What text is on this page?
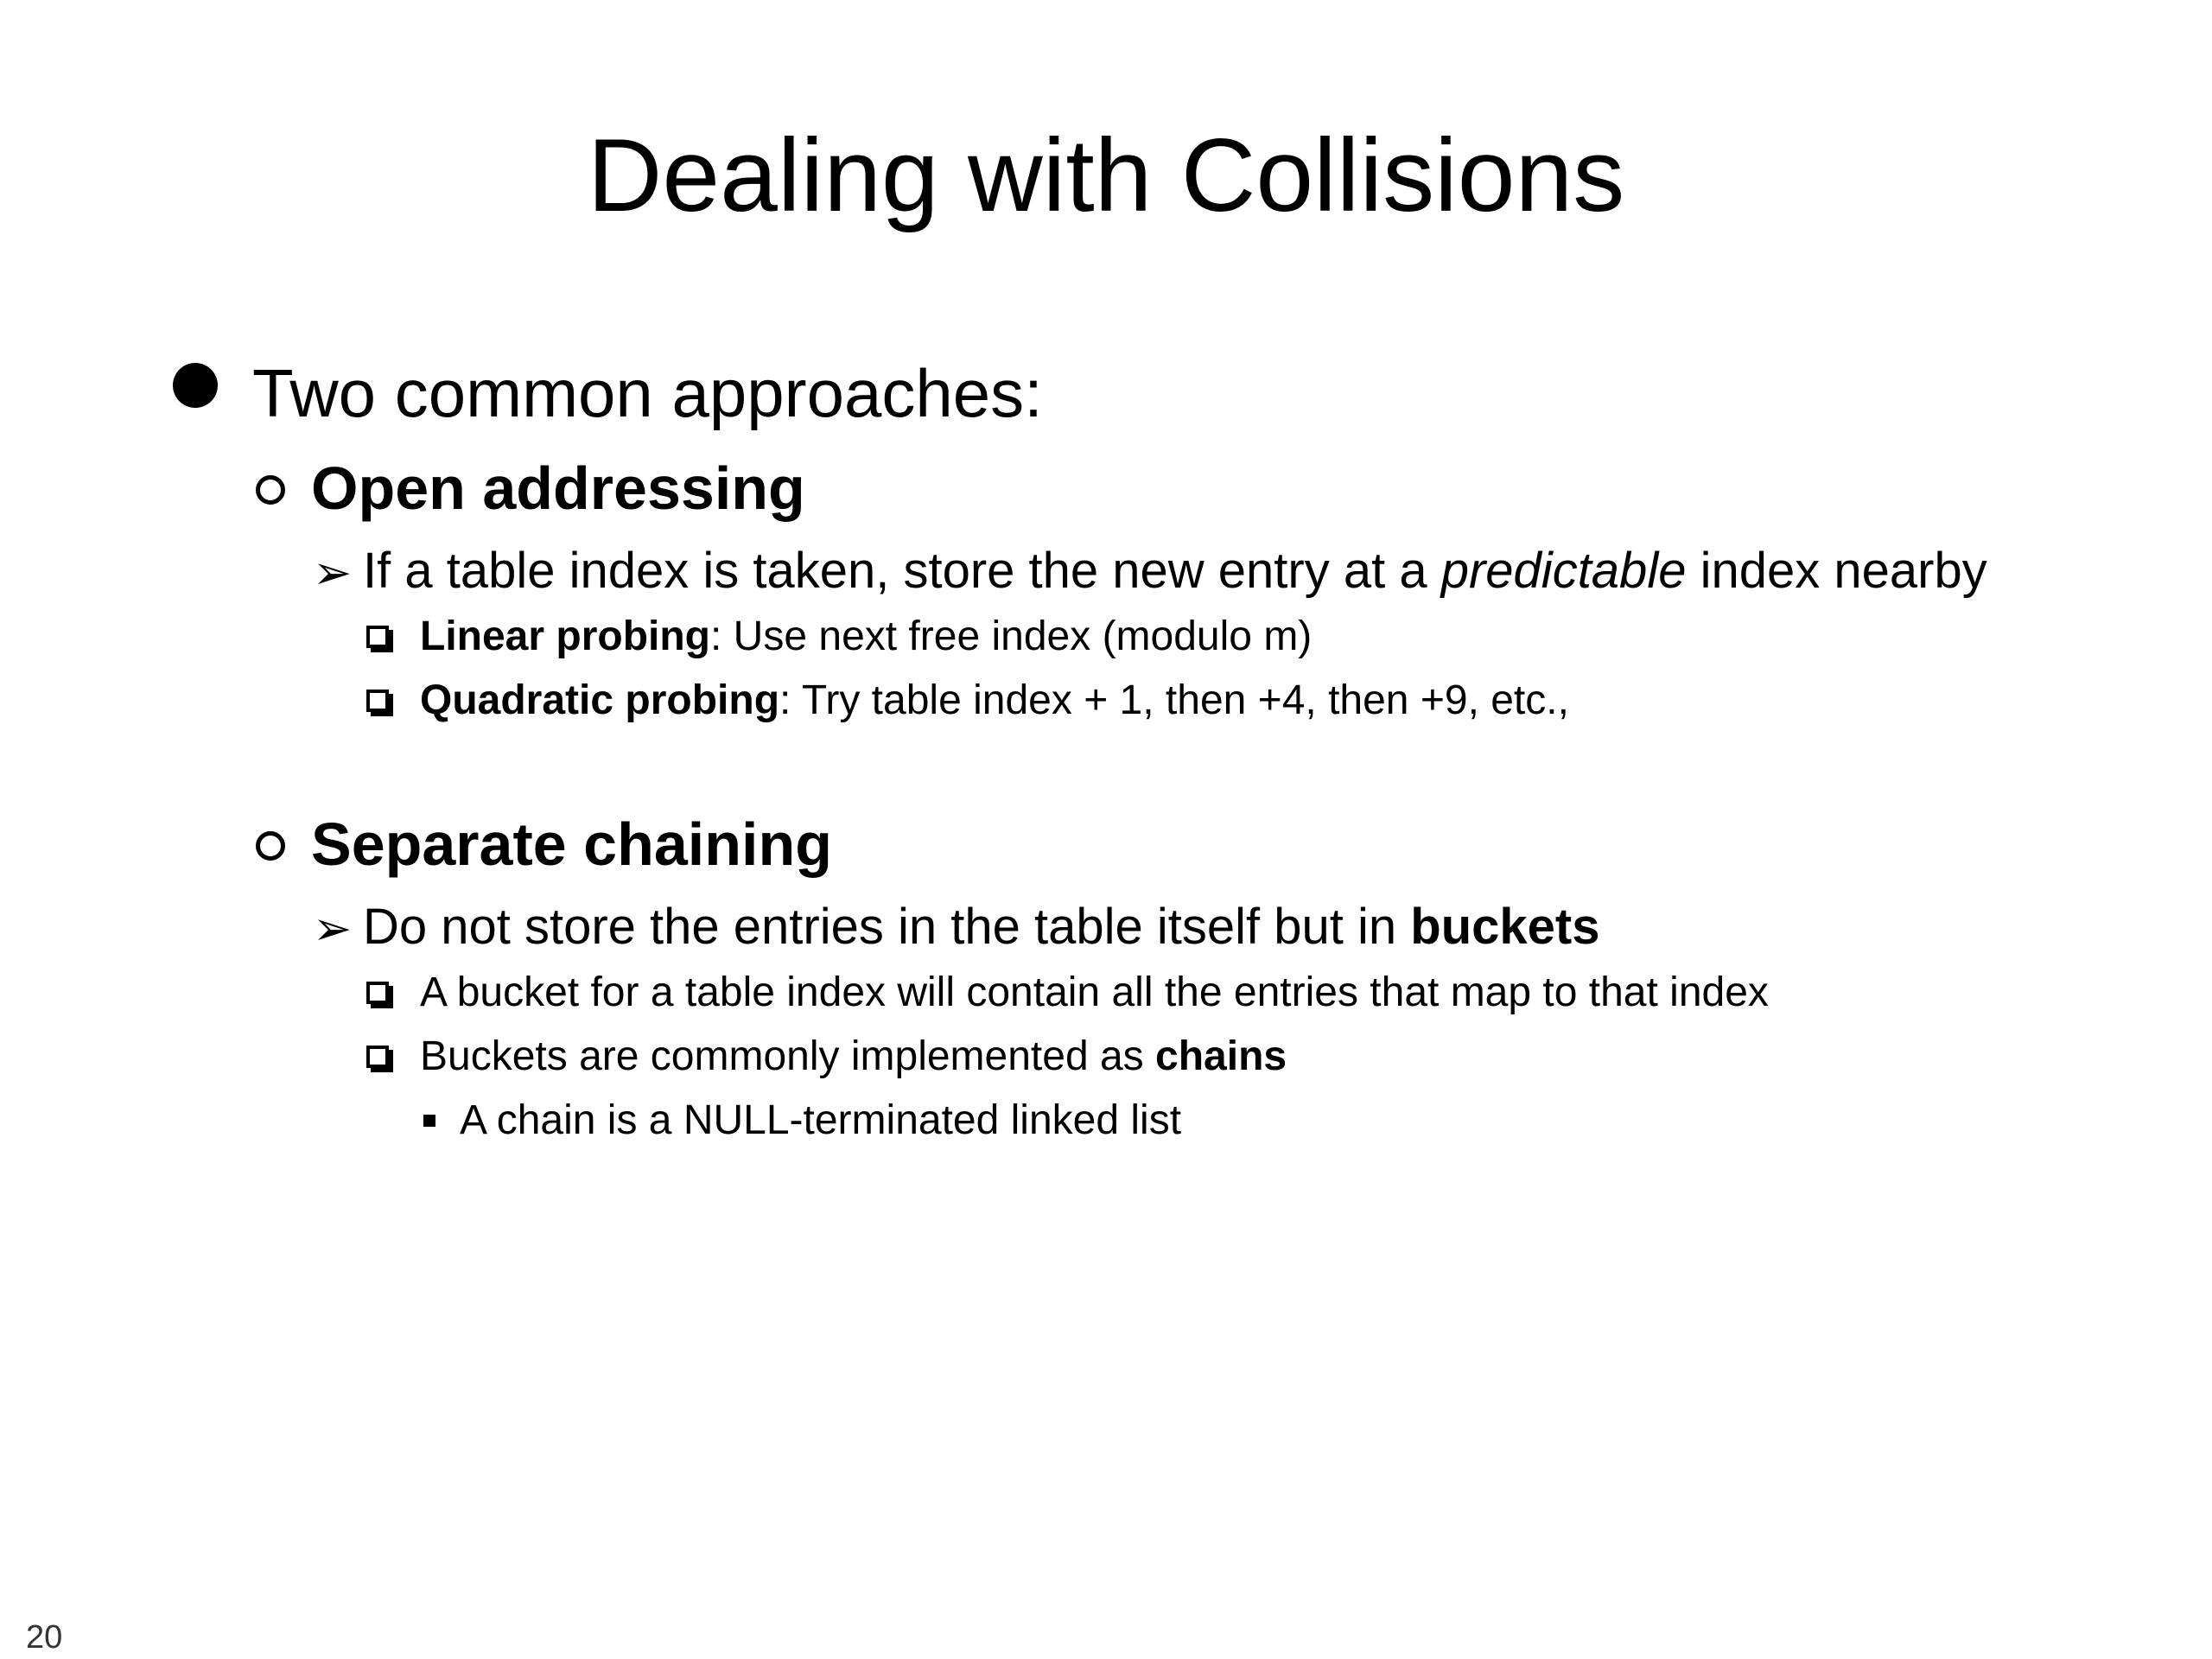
Dealing with Collisions
Two common approaches:
Open addressing
➢ If a table index is taken, store the new entry at a predictable index nearby
Linear probing: Use next free index (modulo m)
Quadratic probing: Try table index + 1, then +4, then +9, etc.,
Separate chaining
➢ Do not store the entries in the table itself but in buckets
A bucket for a table index will contain all the entries that map to that index
Buckets are commonly implemented as chains
A chain is a NULL-terminated linked list
20
